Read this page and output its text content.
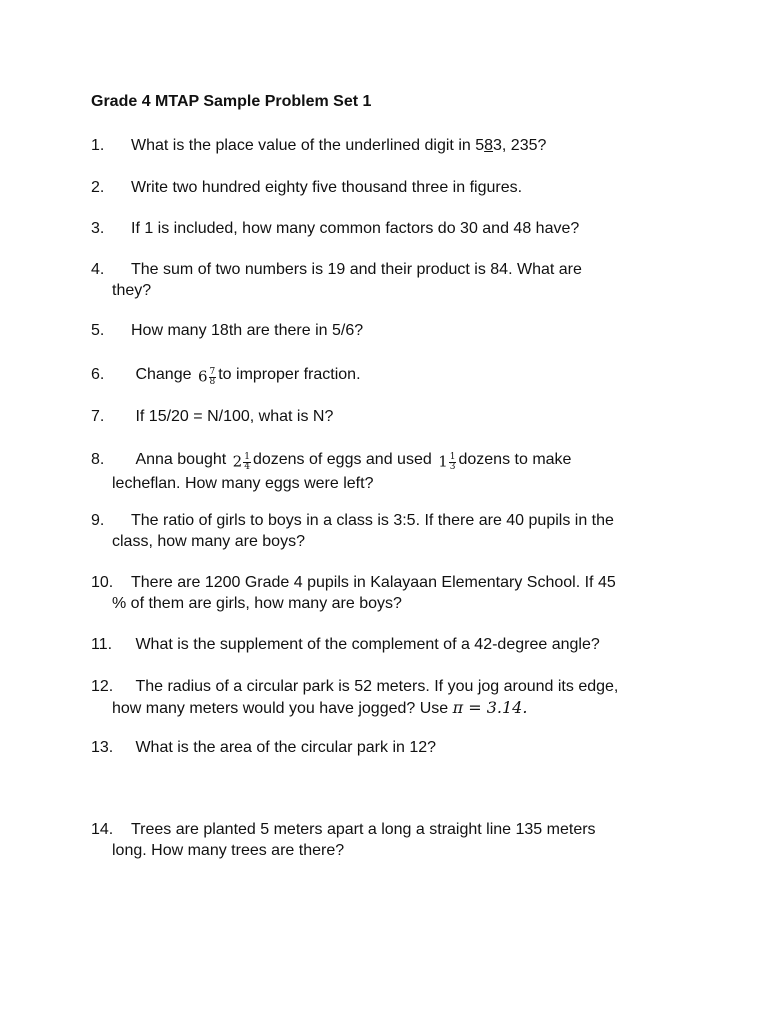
Grade 4 MTAP Sample Problem Set 1
1. What is the place value of the underlined digit in 583, 235?
2. Write two hundred eighty five thousand three in figures.
3. If 1 is included, how many common factors do 30 and 48 have?
4. The sum of two numbers is 19 and their product is 84. What are
they?
5. How many 18th are there in 5/6?
6. Change $6 \frac{7}{8}$ to improper fraction.
7. If 15/20 = N/100, what is N?
8. Anna bought $2 \frac{1}{4}$ dozens of eggs and used $1 \frac{1}{3}$ dozens to make
lecheflan. How many eggs were left?
9. The ratio of girls to boys in a class is 3:5. If there are 40 pupils in the
class, how many are boys?
10. There are 1200 Grade 4 pupils in Kalayaan Elementary School. If 45
% of them are girls, how many are boys?
11. What is the supplement of the complement of a 42-degree angle?
12. The radius of a circular park is 52 meters. If you jog around its edge,
how many meters would you have jogged? Use π = 3.14.
13. What is the area of the circular park in 12?
14. Trees are planted 5 meters apart a long a straight line 135 meters
long. How many trees are there?
